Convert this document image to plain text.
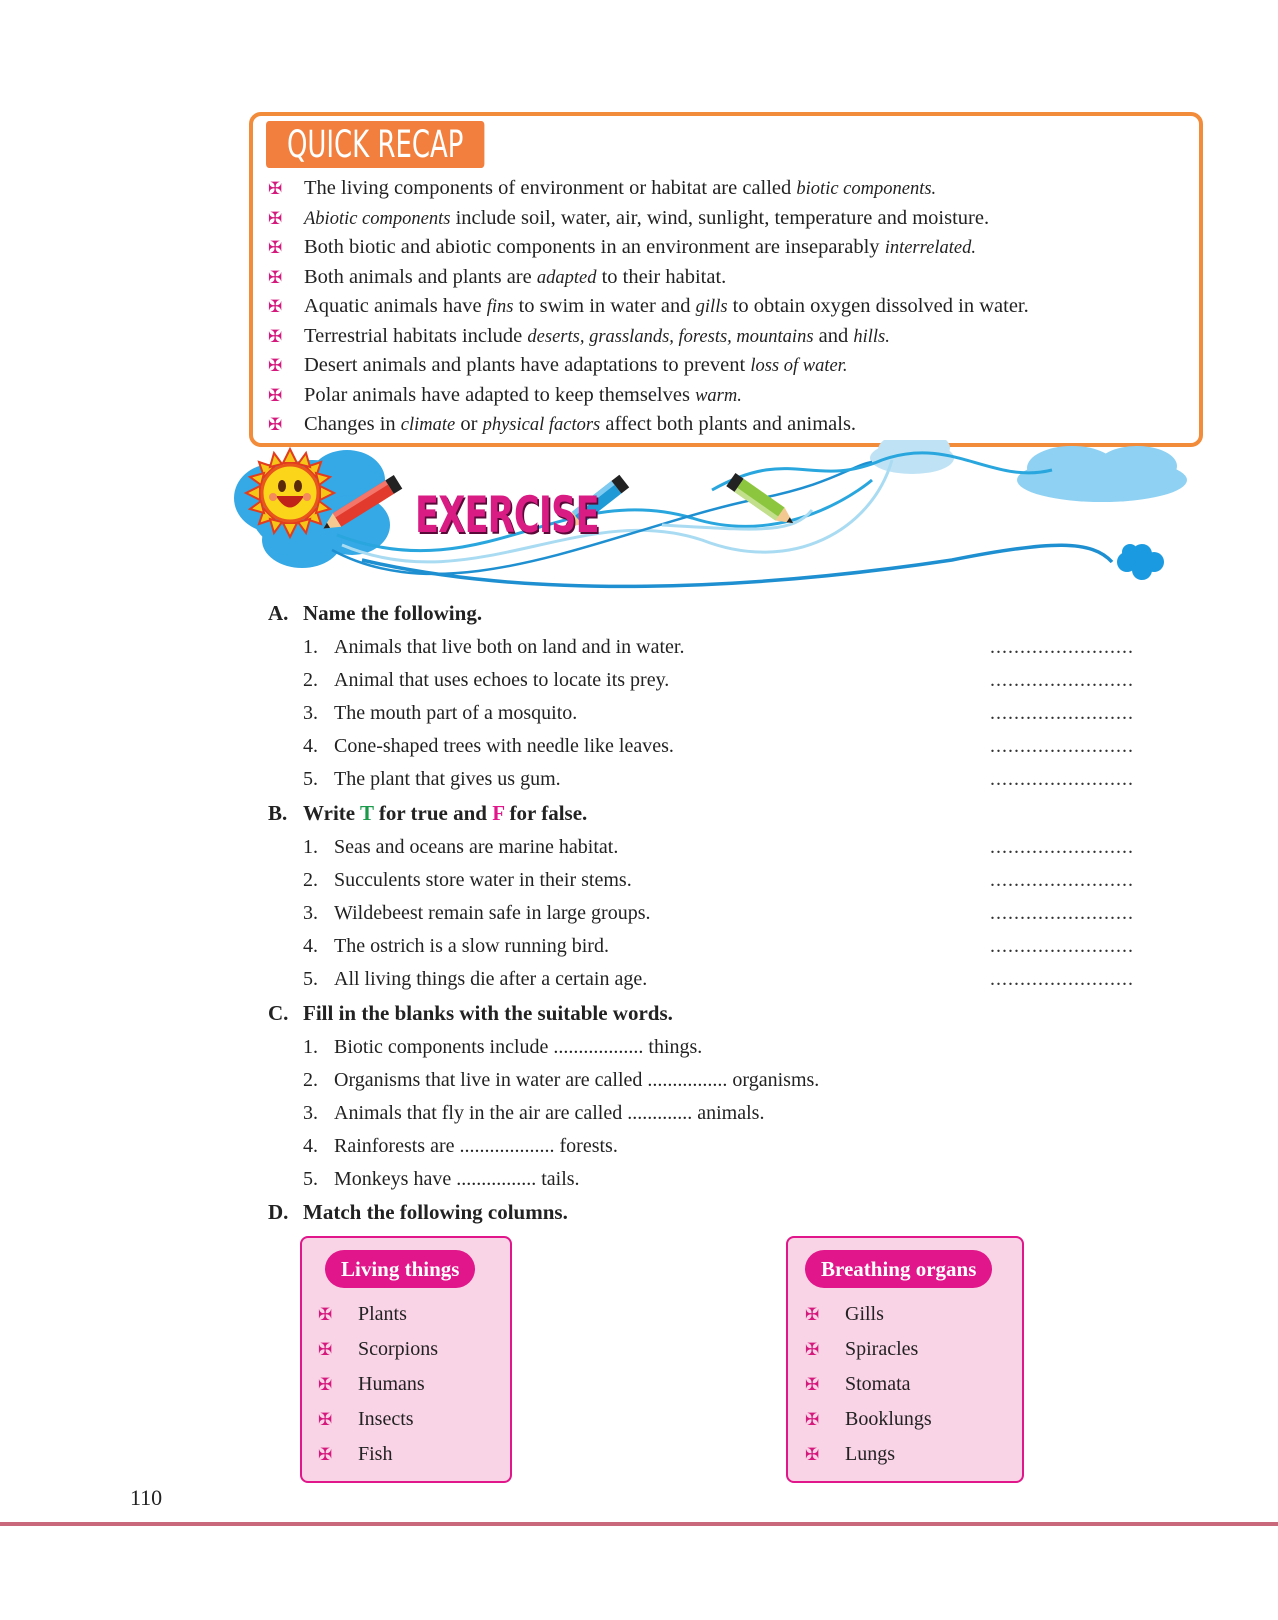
QUICK RECAP
✠ The living components of environment or habitat are called biotic components.
✠ Abiotic components include soil, water, air, wind, sunlight, temperature and moisture.
✠ Both biotic and abiotic components in an environment are inseparably interrelated.
✠ Both animals and plants are adapted to their habitat.
✠ Aquatic animals have fins to swim in water and gills to obtain oxygen dissolved in water.
✠ Terrestrial habitats include deserts, grasslands, forests, mountains and hills.
✠ Desert animals and plants have adaptations to prevent loss of water.
✠ Polar animals have adapted to keep themselves warm.
✠ Changes in climate or physical factors affect both plants and animals.
EXERCISE
A. Name the following.
1. Animals that live both on land and in water.	........................
2. Animal that uses echoes to locate its prey.	........................
3. The mouth part of a mosquito.	........................
4. Cone-shaped trees with needle like leaves.	........................
5. The plant that gives us gum.	........................
B. Write T for true and F for false.
1. Seas and oceans are marine habitat.	........................
2. Succulents store water in their stems.	........................
3. Wildebeest remain safe in large groups.	........................
4. The ostrich is a slow running bird.	........................
5. All living things die after a certain age.	........................
C. Fill in the blanks with the suitable words.
1. Biotic components include .................. things.
2. Organisms that live in water are called ................ organisms.
3. Animals that fly in the air are called ............. animals.
4. Rainforests are ................... forests.
5. Monkeys have ................ tails.
D. Match the following columns.
Living things
✠ Plants
✠ Scorpions
✠ Humans
✠ Insects
✠ Fish
Breathing organs
✠ Gills
✠ Spiracles
✠ Stomata
✠ Booklungs
✠ Lungs
110
